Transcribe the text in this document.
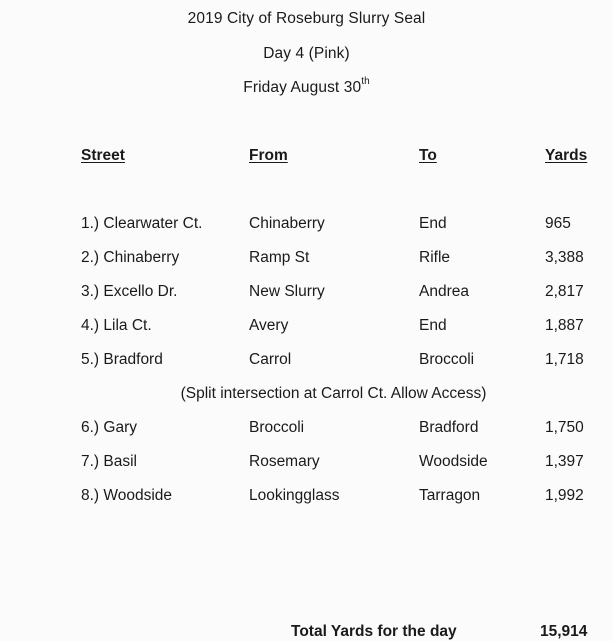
2019 City of Roseburg Slurry Seal
Day 4 (Pink)
Friday August 30th
Street	From	To	Yards
1.) Clearwater Ct.	Chinaberry	End	965
2.) Chinaberry	Ramp St	Rifle	3,388
3.) Excello Dr.	New Slurry	Andrea	2,817
4.) Lila Ct.	Avery	End	1,887
5.) Bradford	Carrol	Broccoli	1,718
(Split intersection at Carrol Ct. Allow Access)
6.) Gary	Broccoli	Bradford	1,750
7.) Basil	Rosemary	Woodside	1,397
8.) Woodside	Lookingglass	Tarragon	1,992
Total Yards for the day	15,914
